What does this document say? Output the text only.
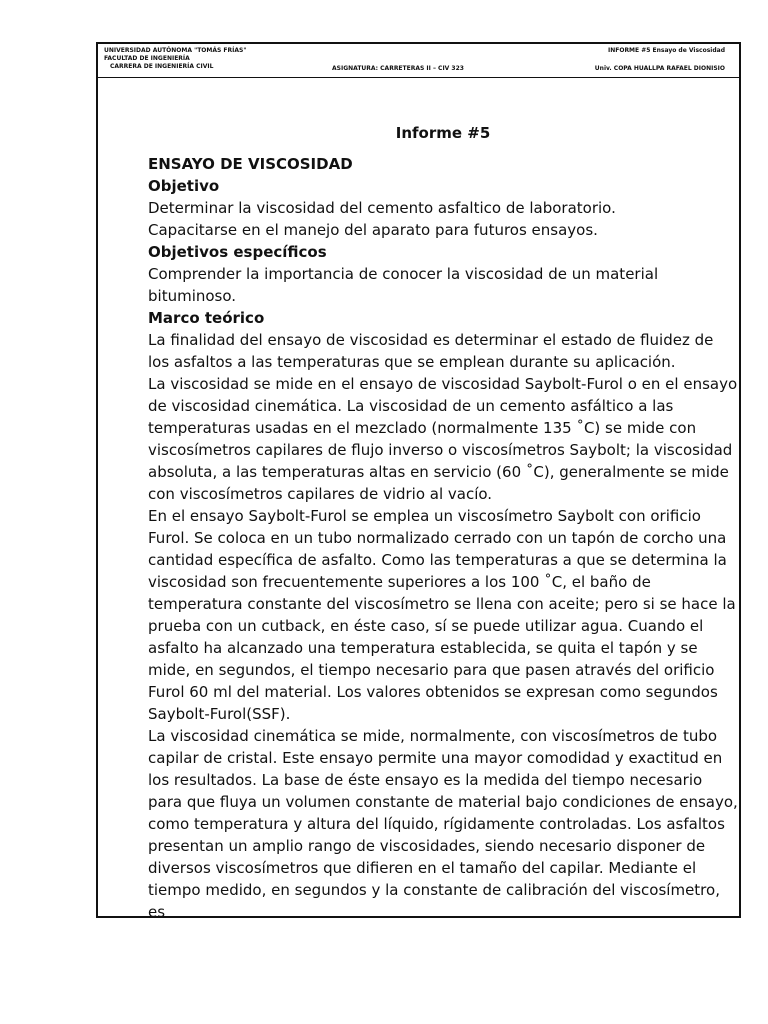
UNIVERSIDAD AUTÓNOMA "TOMÁS FRÍAS"
FACULTAD DE INGENIERÍA
CARRERA DE INGENIERÍA CIVIL
INFORME #5 Ensayo de Viscosidad
ASIGNATURA: CARRETERAS II – CIV 323	Univ. COPA HUALLPA RAFAEL DIONISIO
Informe #5
ENSAYO DE VISCOSIDAD
Objetivo

Determinar la viscosidad del cemento asfaltico de laboratorio.

Capacitarse en el manejo del aparato para futuros ensayos.

Objetivos específicos

Comprender la importancia de conocer la viscosidad de un material bituminoso.

Marco teórico

La finalidad del ensayo de viscosidad es determinar el estado de fluidez de los asfaltos a las temperaturas que se emplean durante su aplicación.

La viscosidad se mide en el ensayo de viscosidad Saybolt-Furol o en el ensayo de viscosidad cinemática. La viscosidad de un cemento asfáltico a las temperaturas usadas en el mezclado (normalmente 135 ˚C) se mide con viscosímetros capilares de flujo inverso o viscosímetros Saybolt; la viscosidad absoluta, a las temperaturas altas en servicio (60 ˚C), generalmente se mide con viscosímetros capilares de vidrio al vacío.

En el ensayo Saybolt-Furol se emplea un viscosímetro Saybolt con orificio Furol. Se coloca en un tubo normalizado cerrado con un tapón de corcho una cantidad específica de asfalto. Como las temperaturas a que se determina la viscosidad son frecuentemente superiores a los 100 ˚C, el baño de temperatura constante del viscosímetro se llena con aceite; pero si se hace la prueba con un cutback, en éste caso, sí se puede utilizar agua. Cuando el asfalto ha alcanzado una temperatura establecida, se quita el tapón y se mide, en segundos, el tiempo necesario para que pasen através del orificio Furol 60 ml del material. Los valores obtenidos se expresan como segundos Saybolt-Furol(SSF).

La viscosidad cinemática se mide, normalmente, con viscosímetros de tubo capilar de cristal. Este ensayo permite una mayor comodidad y exactitud en los resultados. La base de éste ensayo es la medida del tiempo necesario para que fluya un volumen constante de material bajo condiciones de ensayo, como temperatura y altura del líquido, rígidamente controladas. Los asfaltos presentan un amplio rango de viscosidades, siendo necesario disponer de diversos viscosímetros que difieren en el tamaño del capilar. Mediante el tiempo medido, en segundos y la constante de calibración del viscosímetro, es
